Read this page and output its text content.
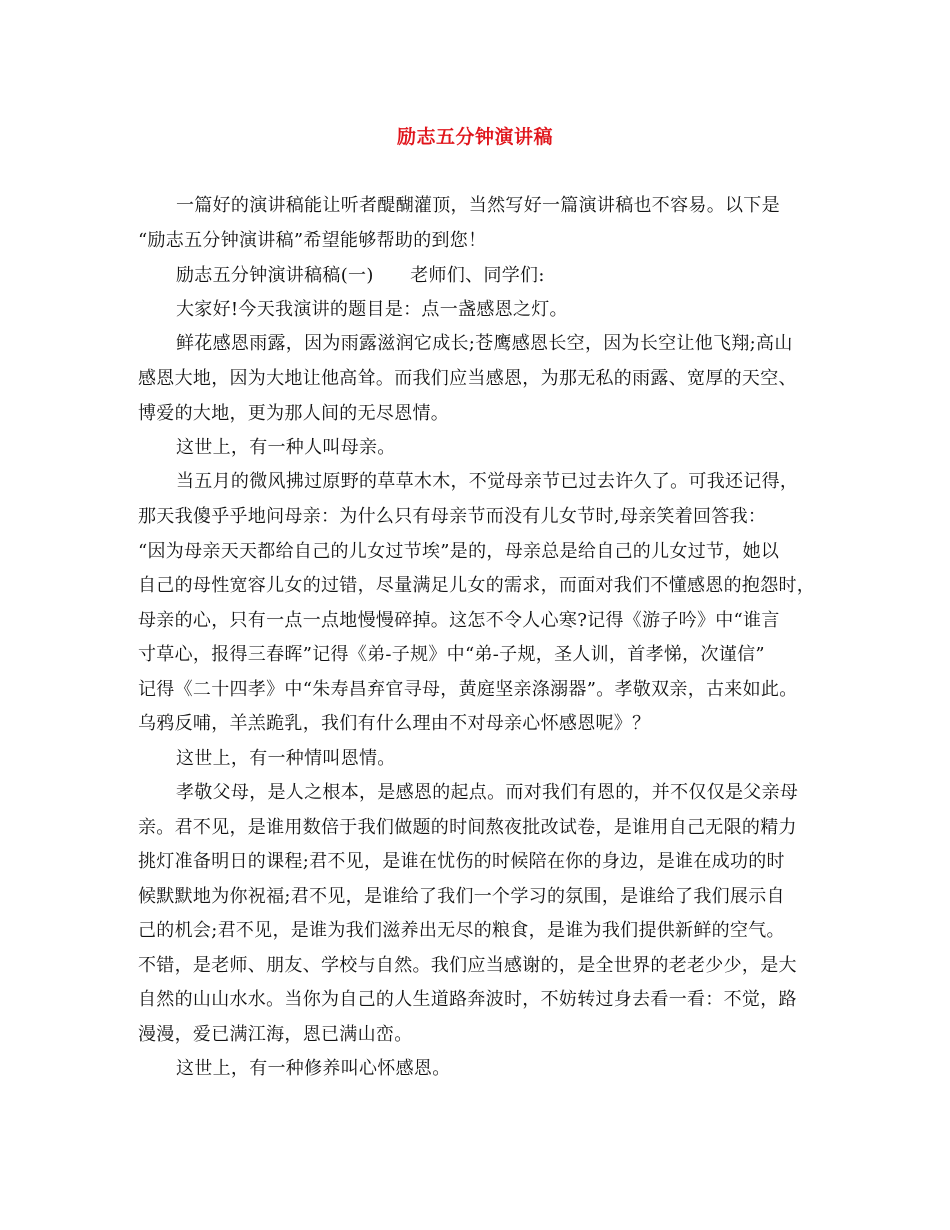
励志五分钟演讲稿
一篇好的演讲稿能让听者醍醐灌顶，当然写好一篇演讲稿也不容易。以下是
“励志五分钟演讲稿”希望能够帮助的到您！
励志五分钟演讲稿稿(一)　　老师们、同学们:
大家好!今天我演讲的题目是：点一盏感恩之灯。
鲜花感恩雨露，因为雨露滋润它成长;苍鹰感恩长空，因为长空让他飞翔;高山
感恩大地，因为大地让他高耸。而我们应当感恩，为那无私的雨露、宽厚的天空、
博爱的大地，更为那人间的无尽恩情。
这世上，有一种人叫母亲。
当五月的微风拂过原野的草草木木，不觉母亲节已过去许久了。可我还记得，
那天我傻乎乎地问母亲：为什么只有母亲节而没有儿女节时,母亲笑着回答我：
“因为母亲天天都给自己的儿女过节埃”是的，母亲总是给自己的儿女过节，她以
自己的母性宽容儿女的过错，尽量满足儿女的需求，而面对我们不懂感恩的抱怨时，
母亲的心，只有一点一点地慢慢碎掉。这怎不令人心寒?记得《游子吟》中“谁言
寸草心，报得三春晖”记得《弟-子规》中“弟-子规，圣人训，首孝悌，次谨信”
记得《二十四孝》中“朱寿昌弃官寻母，黄庭坚亲涤溺器”。孝敬双亲，古来如此。
乌鸦反哺，羊羔跪乳，我们有什么理由不对母亲心怀感恩呢》？
这世上，有一种情叫恩情。
孝敬父母，是人之根本，是感恩的起点。而对我们有恩的，并不仅仅是父亲母
亲。君不见，是谁用数倍于我们做题的时间熬夜批改试卷，是谁用自己无限的精力
挑灯准备明日的课程;君不见，是谁在忧伤的时候陪在你的身边，是谁在成功的时
候默默地为你祝福;君不见，是谁给了我们一个学习的氛围，是谁给了我们展示自
己的机会;君不见，是谁为我们滋养出无尽的粮食，是谁为我们提供新鲜的空气。
不错，是老师、朋友、学校与自然。我们应当感谢的，是全世界的老老少少，是大
自然的山山水水。当你为自己的人生道路奔波时，不妨转过身去看一看：不觉，路
漫漫，爱已满江海，恩已满山峦。
这世上，有一种修养叫心怀感恩。
